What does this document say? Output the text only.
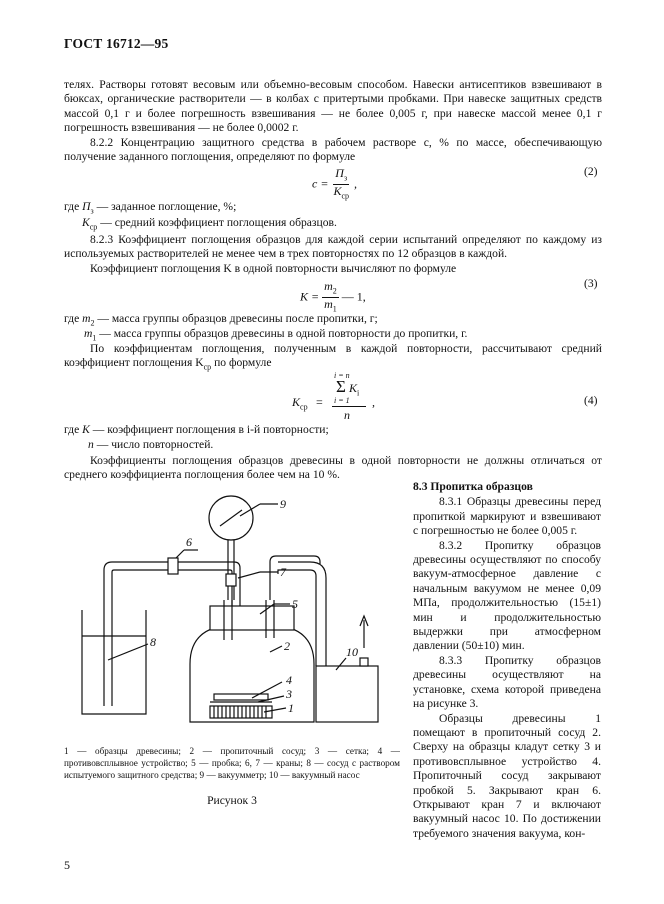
ГОСТ 16712—95

телях. Растворы готовят весовым или объемно-весовым способом. Навески антисептиков взвешивают в бюксах, органические растворители — в колбах с притертыми пробками. При навеске защитных средств массой 0,1 г и более погрешность взвешивания — не более 0,005 г, при навеске массой менее 0,1 г погрешность взвешивания — не более 0,0002 г.

8.2.2 Концентрацию защитного средства в рабочем растворе c, % по массе, обеспечивающую получение заданного поглощения, определяют по формуле

$c = \frac{П_з}{K_{ср}}$ ,
(2)
где $П_з$ — заданное поглощение, %;
$K_{ср}$ — средний коэффициент поглощения образцов.

8.2.3 Коэффициент поглощения образцов для каждой серии испытаний определяют по каждому из используемых растворителей не менее чем в трех повторностях по 12 образцов в каждой.

Коэффициент поглощения K в одной повторности вычисляют по формуле

$K = \frac{m_2}{m_1}$ — 1,
(3)
где $m_2$ — масса группы образцов древесины после пропитки, г;
$m_1$ — масса группы образцов древесины в одной повторности до пропитки, г.

По коэффициентам поглощения, полученным в каждой повторности, рассчитывают средний коэффициент поглощения $K_{ср}$ по формуле

$K_{ср}$ =
i = n
Σ $K_i$
i = 1
n
,	(4)
где K — коэффициент поглощения в i-й повторности;
n — число повторностей.

Коэффициенты поглощения образцов древесины в одной повторности не должны отличаться от среднего коэффициента поглощения более чем на 10 %.

9
7
6
5
2
4
3
1
8
10

1 — образцы древесины; 2 — пропиточный сосуд; 3 — сетка; 4 — противовсплывное устройство; 5 — пробка; 6, 7 — краны; 8 — сосуд с раствором испытуемого защитного средства; 9 — вакуумметр; 10 — вакуумный насос

Рисунок 3
8.3 Пропитка образцов

8.3.1 Образцы древесины перед пропиткой маркируют и взвешивают с погрешностью не более 0,005 г.

8.3.2 Пропитку образцов древесины осуществляют по способу вакуум-атмосферное давление с начальным вакуумом не менее 0,09 МПа, продолжительностью (15±1) мин и продолжительностью выдержки при атмосферном давлении (50±10) мин.

8.3.3 Пропитку образцов древесины осуществляют на установке, схема которой приведена на рисунке 3.

Образцы древесины 1 помещают в пропиточный сосуд 2. Сверху на образцы кладут сетку 3 и противовсплывное устройство 4. Пропиточный сосуд закрывают пробкой 5. Закрывают кран 6. Открывают кран 7 и включают вакуумный насос 10. По достижении требуемого значения вакуума, кон-

5
